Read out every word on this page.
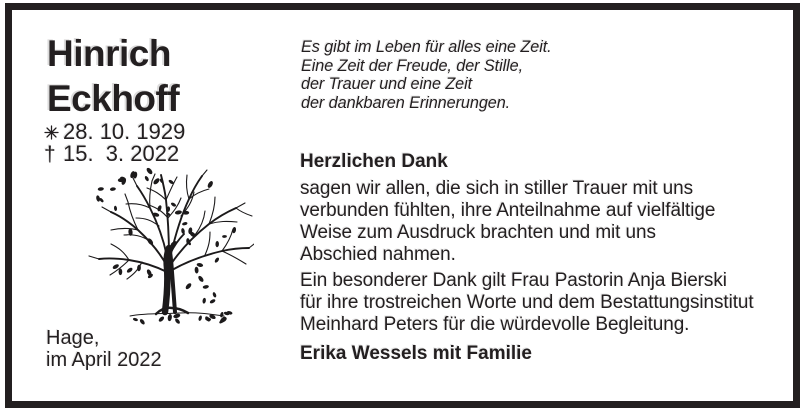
Hinrich
Eckhoff
28. 10. 1929
† 15.  3. 2022
Hage,
im April 2022
Es gibt im Leben für alles eine Zeit.
Eine Zeit der Freude, der Stille,
der Trauer und eine Zeit
der dankbaren Erinnerungen.
Herzlichen Dank
sagen wir allen, die sich in stiller Trauer mit uns
verbunden fühlten, ihre Anteilnahme auf vielfältige
Weise zum Ausdruck brachten und mit uns
Abschied nahmen.
Ein besonderer Dank gilt Frau Pastorin Anja Bierski
für ihre trostreichen Worte und dem Bestattungsinstitut
Meinhard Peters für die würdevolle Begleitung.
Erika Wessels mit Familie
